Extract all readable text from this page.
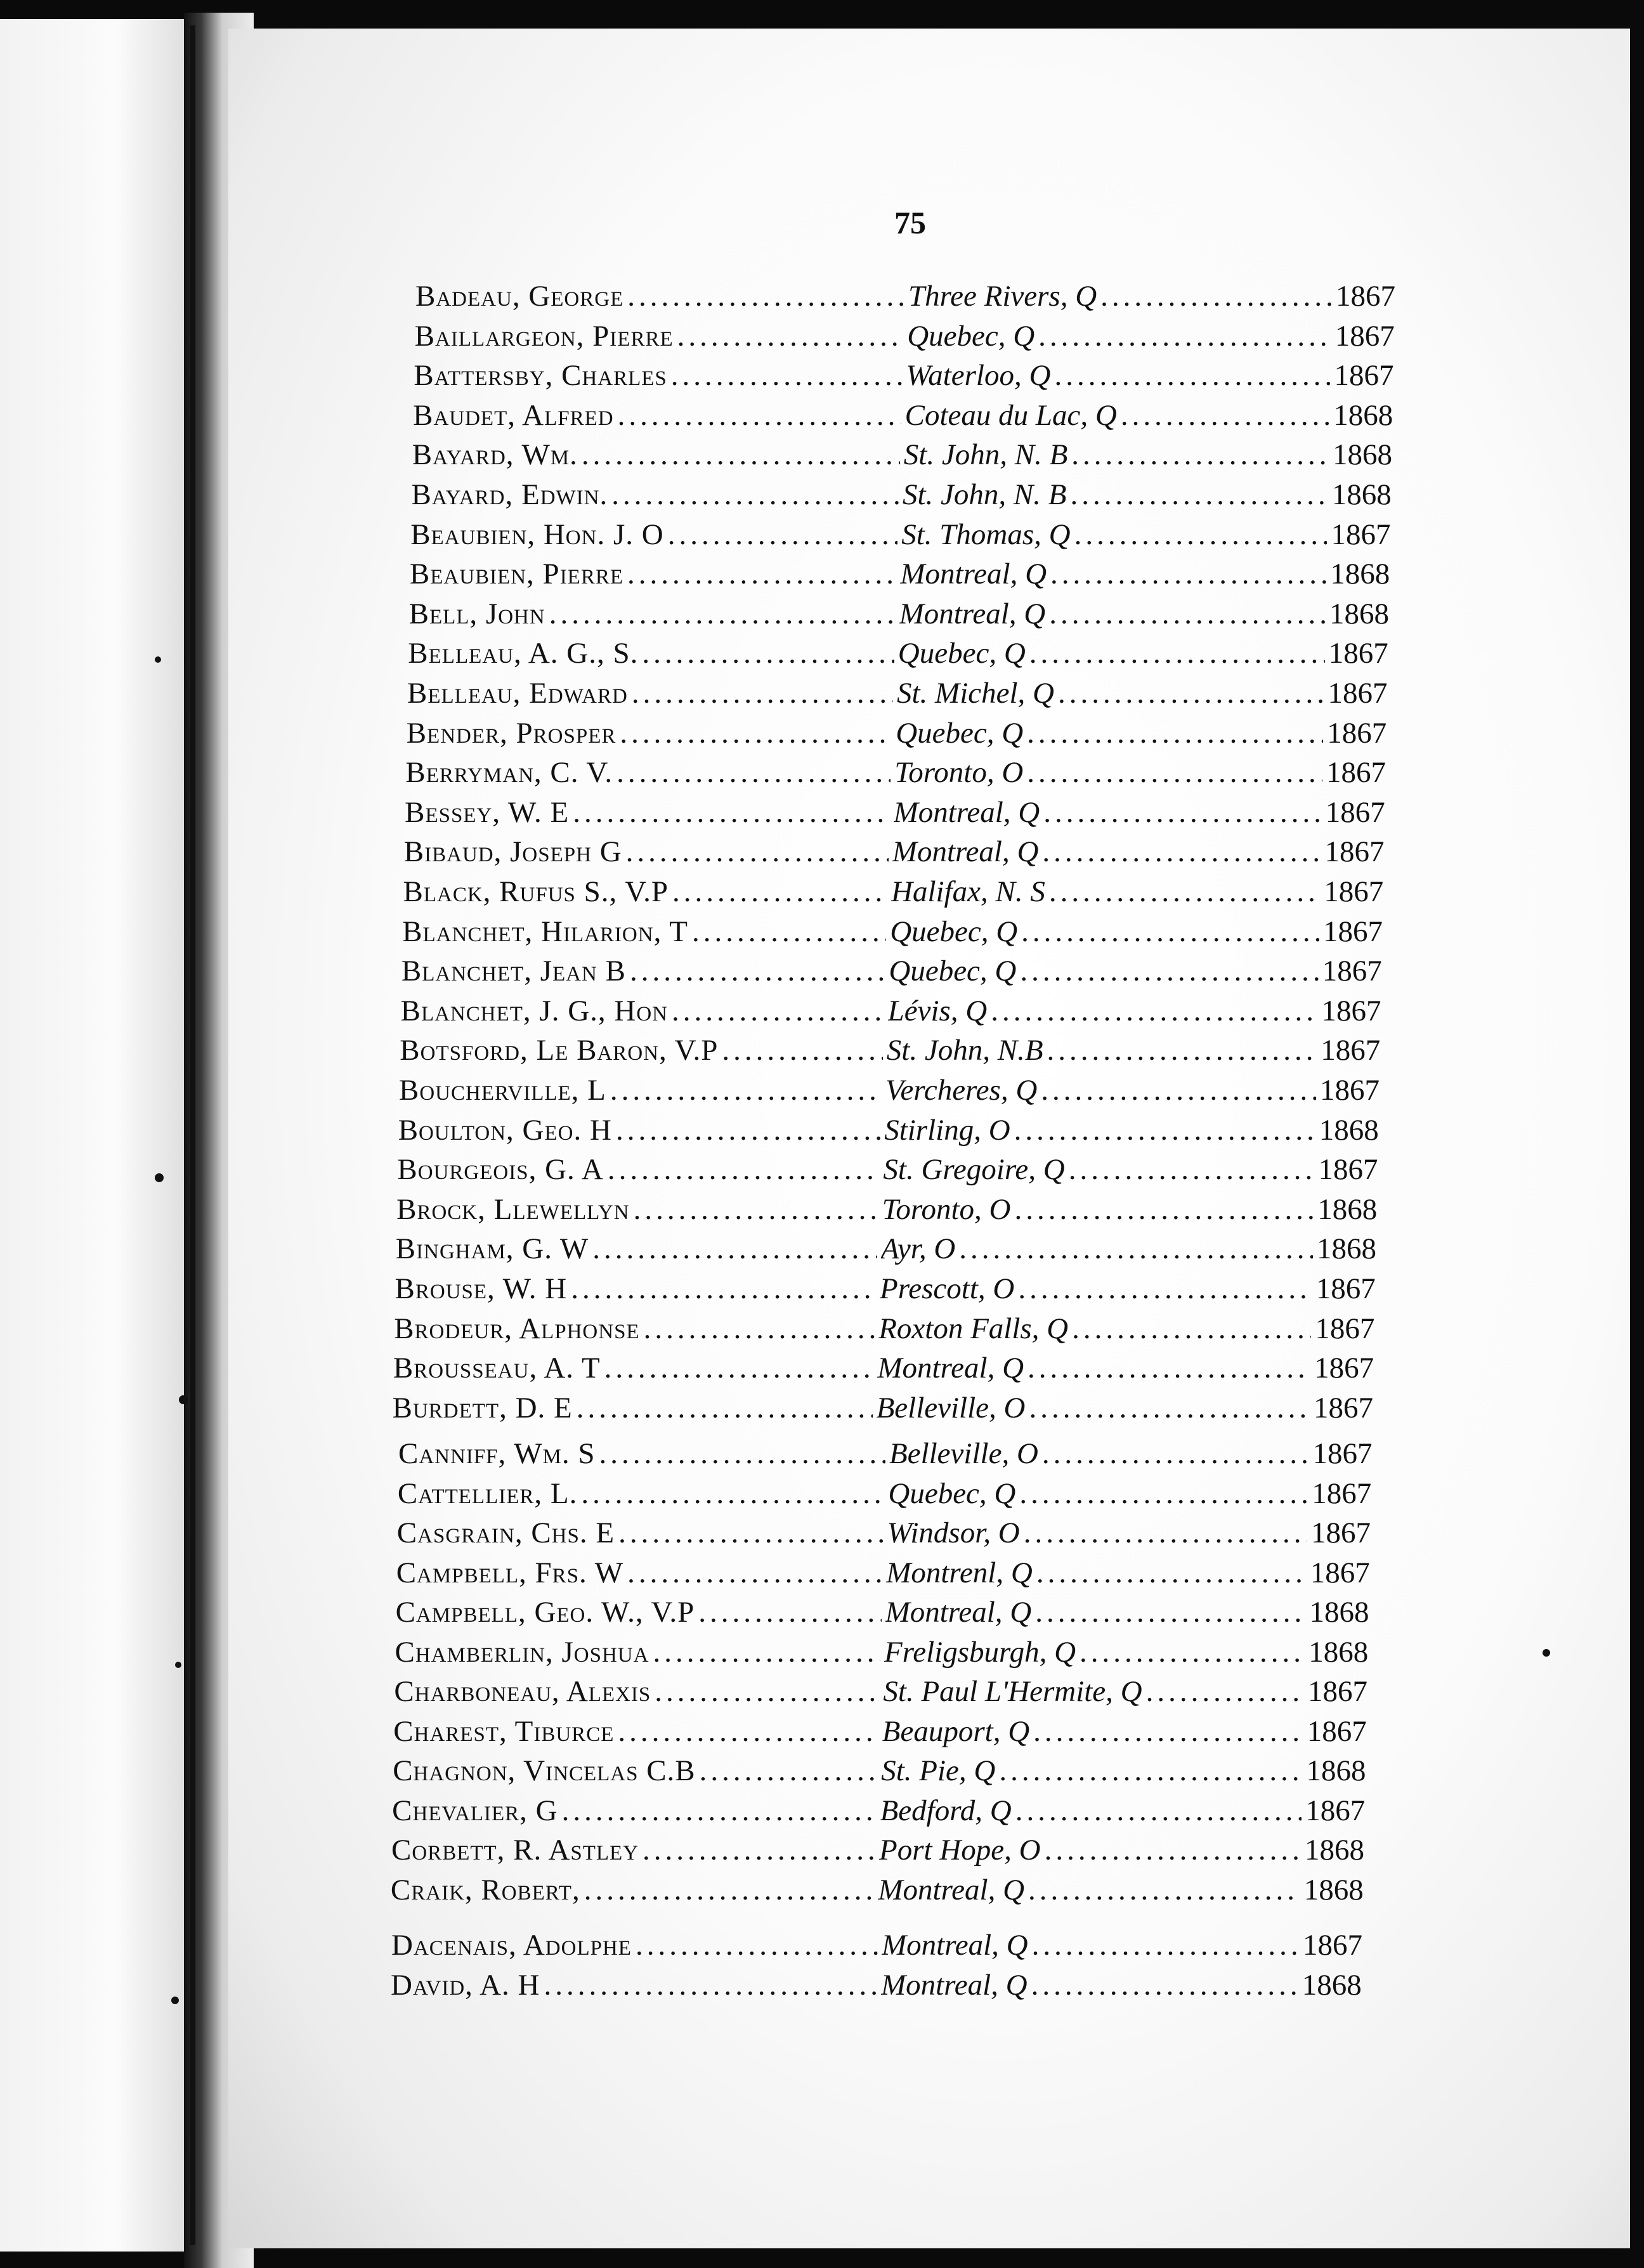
75
Badeau, George .....	Three Rivers, Q .....	1867
Baillargeon, Pierre .....	Quebec, Q .....	1867
Battersby, Charles .....	Waterloo, Q .....	1867
Baudet, Alfred .....	Coteau du Lac, Q .....	1868
Bayard, Wm. .....	St. John, N. B .....	1868
Bayard, Edwin. .....	St. John, N. B .....	1868
Beaubien, Hon. J. O .....	St. Thomas, Q .....	1867
Beaubien, Pierre .....	Montreal, Q .....	1868
Bell, John .....	Montreal, Q .....	1868
Belleau, A. G., S. .....	Quebec, Q .....	1867
Belleau, Edward .....	St. Michel, Q .....	1867
Bender, Prosper .....	Quebec, Q .....	1867
Berryman, C. V. .....	Toronto, O .....	1867
Bessey, W. E .....	Montreal, Q .....	1867
Bibaud, Joseph G .....	Montreal, Q .....	1867
Black, Rufus S., V.P .....	Halifax, N. S .....	1867
Blanchet, Hilarion, T .....	Quebec, Q .....	1867
Blanchet, Jean B .....	Quebec, Q .....	1867
Blanchet, J. G., Hon .....	Lévis, Q .....	1867
Botsford, Le Baron, V.P .....	St. John, N.B .....	1867
Boucherville, L .....	Vercheres, Q .....	1867
Boulton, Geo. H .....	Stirling, O .....	1868
Bourgeois, G. A .....	St. Gregoire, Q .....	1867
Brock, Llewellyn .....	Toronto, O .....	1868
Bingham, G. W .....	Ayr, O .....	1868
Brouse, W. H .....	Prescott, O .....	1867
Brodeur, Alphonse .....	Roxton Falls, Q .....	1867
Brousseau, A. T .....	Montreal, Q .....	1867
Burdett, D. E .....	Belleville, O .....	1867
Canniff, Wm. S .....	Belleville, O .....	1867
Cattellier, L. .....	Quebec, Q .....	1867
Casgrain, Chs. E .....	Windsor, O .....	1867
Campbell, Frs. W .....	Montrenl, Q .....	1867
Campbell, Geo. W., V.P .....	Montreal, Q .....	1868
Chamberlin, Joshua .....	Freligsburgh, Q .....	1868
Charboneau, Alexis .....	St. Paul L'Hermite, Q .....	1867
Charest, Tiburce .....	Beauport, Q .....	1867
Chagnon, Vincelas C.B .....	St. Pie, Q .....	1868
Chevalier, G .....	Bedford, Q .....	1867
Corbett, R. Astley .....	Port Hope, O .....	1868
Craik, Robert, .....	Montreal, Q .....	1868
Dacenais, Adolphe .....	Montreal, Q .....	1867
David, A. H .....	Montreal, Q .....	1868
